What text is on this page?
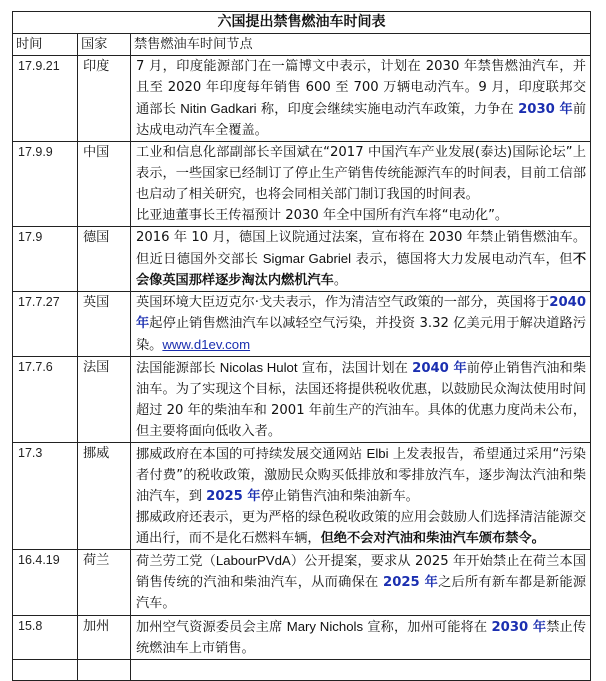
六国提出禁售燃油车时间表		
时间	国家	禁售燃油车时间节点
17.9.21	印度	7 月，印度能源部门在一篇博文中表示，计划在 2030 年禁售燃油汽车，并且至 2020 年印度每年销售 600 至 700 万辆电动汽车。9 月，印度联邦交通部长 Nitin Gadkari 称，印度会继续实施电动汽车政策，力争在 2030 年前达成电动汽车全覆盖。

17.9.9	中国	工业和信息化部副部长辛国斌在“2017 中国汽车产业发展(泰达)国际论坛”上表示，一些国家已经制订了停止生产销售传统能源汽车的时间表，目前工信部也启动了相关研究，也将会同相关部门制订我国的时间表。

比亚迪董事长王传福预计 2030 年全中国所有汽车将“电动化”。

17.9	德国	2016 年 10 月，德国上议院通过法案，宣布将在 2030 年禁止销售燃油车。但近日德国外交部长 Sigmar Gabriel 表示，德国将大力发展电动汽车，但不会像英国那样逐步淘汰内燃机汽车。

17.7.27	英国	英国环境大臣迈克尔·戈夫表示，作为清洁空气政策的一部分，英国将于2040 年起停止销售燃油汽车以减轻空气污染，并投资 3.32 亿美元用于解决道路污染。www.d1ev.com

17.7.6	法国	法国能源部长 Nicolas Hulot 宣布，法国计划在 2040 年前停止销售汽油和柴油车。为了实现这个目标，法国还将提供税收优惠，以鼓励民众淘汰使用时间超过 20 年的柴油车和 2001 年前生产的汽油车。具体的优惠力度尚未公布，但主要将面向低收入者。

17.3	挪威	挪威政府在本国的可持续发展交通网站 Elbi 上发表报告，希望通过采用“污染者付费”的税收政策，激励民众购买低排放和零排放汽车，逐步淘汰汽油和柴油汽车，到 2025 年停止销售汽油和柴油新车。

挪威政府还表示，更为严格的绿色税收政策的应用会鼓励人们选择清洁能源交通出行，而不是化石燃料车辆，但绝不会对汽油和柴油汽车颁布禁令。

16.4.19	荷兰	荷兰劳工党（LabourPVdA）公开提案，要求从 2025 年开始禁止在荷兰本国销售传统的汽油和柴油汽车，从而确保在 2025 年之后所有新车都是新能源汽车。

15.8	加州	加州空气资源委员会主席 Mary Nichols 宣称，加州可能将在 2030 年禁止传统燃油车上市销售。
